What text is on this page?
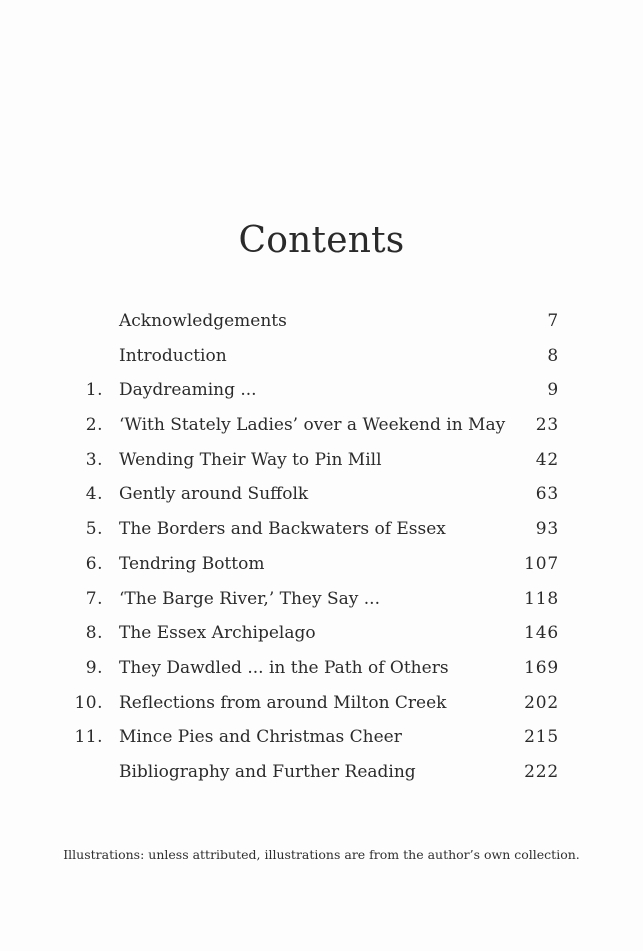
Contents
Acknowledgements	7
Introduction	8
1. Daydreaming ...	9
2. ‘With Stately Ladies’ over a Weekend in May 23
3. Wending Their Way to Pin Mill	42
4. Gently around Suffolk	63
5. The Borders and Backwaters of Essex	93
6. Tendring Bottom	107
7. ‘The Barge River,’ They Say ...	118
8. The Essex Archipelago	146
9. They Dawdled ... in the Path of Others	169
10. Reflections from around Milton Creek	202
11. Mince Pies and Christmas Cheer	215
Bibliography and Further Reading	222
Illustrations: unless attributed, illustrations are from the author’s own collection.
